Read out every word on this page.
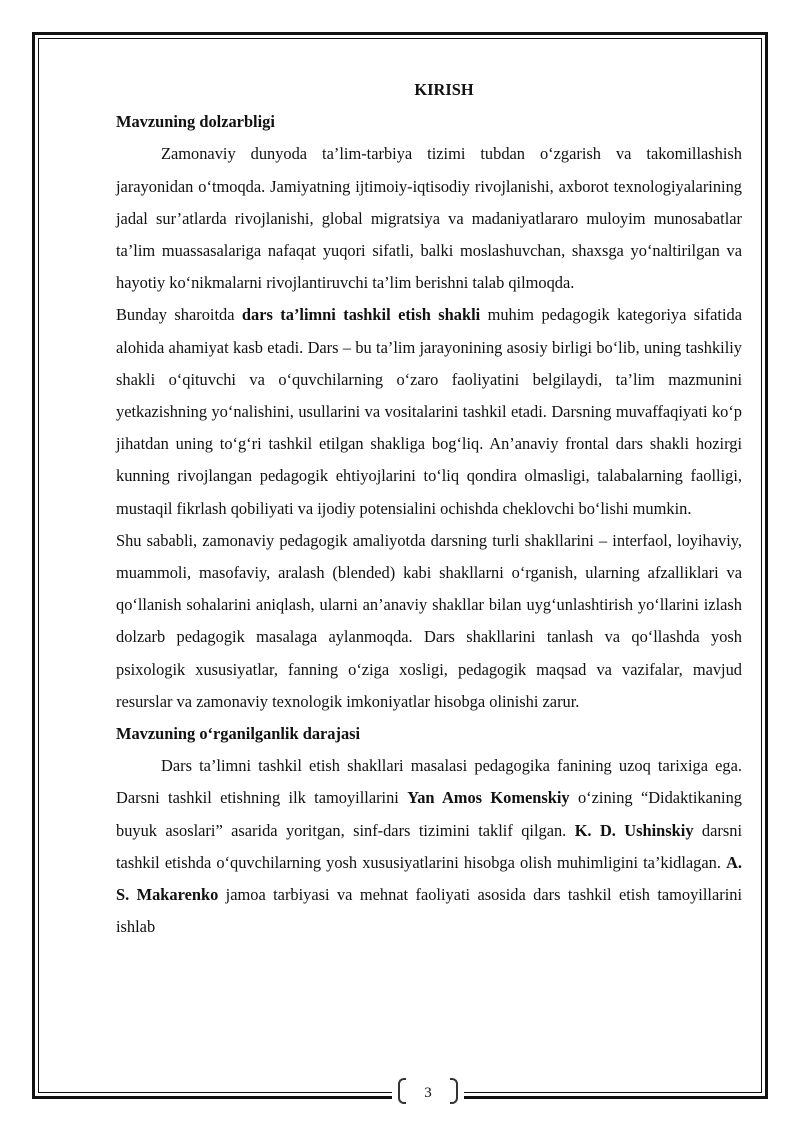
KIRISH
Mavzuning dolzarbligi

Zamonaviy dunyoda ta’lim-tarbiya tizimi tubdan o‘zgarish va takomillashish jarayonidan o‘tmoqda. Jamiyatning ijtimoiy-iqtisodiy rivojlanishi, axborot texnologiyalarining jadal sur’atlarda rivojlanishi, global migratsiya va madaniyatlararo muloyim munosabatlar ta’lim muassasalariga nafaqat yuqori sifatli, balki moslashuvchan, shaxsga yo‘naltirilgan va hayotiy ko‘nikmalarni rivojlantiruvchi ta’lim berishni talab qilmoqda.

Bunday sharoitda dars ta’limni tashkil etish shakli muhim pedagogik kategoriya sifatida alohida ahamiyat kasb etadi. Dars – bu ta’lim jarayonining asosiy birligi bo‘lib, uning tashkiliy shakli o‘qituvchi va o‘quvchilarning o‘zaro faoliyatini belgilaydi, ta’lim mazmunini yetkazishning yo‘nalishini, usullarini va vositalarini tashkil etadi. Darsning muvaffaqiyati ko‘p jihatdan uning to‘g‘ri tashkil etilgan shakliga bog‘liq. An’anaviy frontal dars shakli hozirgi kunning rivojlangan pedagogik ehtiyojlarini to‘liq qondira olmasligi, talabalarning faolligi, mustaqil fikrlash qobiliyati va ijodiy potensialini ochishda cheklovchi bo‘lishi mumkin.

Shu sababli, zamonaviy pedagogik amaliyotda darsning turli shakllarini – interfaol, loyihaviy, muammoli, masofaviy, aralash (blended) kabi shakllarni o‘rganish, ularning afzalliklari va qo‘llanish sohalarini aniqlash, ularni an’anaviy shakllar bilan uyg‘unlashtirish yo‘llarini izlash dolzarb pedagogik masalaga aylanmoqda. Dars shakllarini tanlash va qo‘llashda yosh psixologik xususiyatlar, fanning o‘ziga xosligi, pedagogik maqsad va vazifalar, mavjud resurslar va zamonaviy texnologik imkoniyatlar hisobga olinishi zarur.

Mavzuning o‘rganilganlik darajasi

Dars ta’limni tashkil etish shakllari masalasi pedagogika fanining uzoq tarixiga ega. Darsni tashkil etishning ilk tamoyillarini Yan Amos Komenskiy o‘zining “Didaktikaning buyuk asoslari” asarida yoritgan, sinf-dars tizimini taklif qilgan. K. D. Ushinskiy darsni tashkil etishda o‘quvchilarning yosh xususiyatlarini hisobga olish muhimligini ta’kidlagan. A. S. Makarenko jamoa tarbiyasi va mehnat faoliyati asosida dars tashkil etish tamoyillarini ishlab

3
